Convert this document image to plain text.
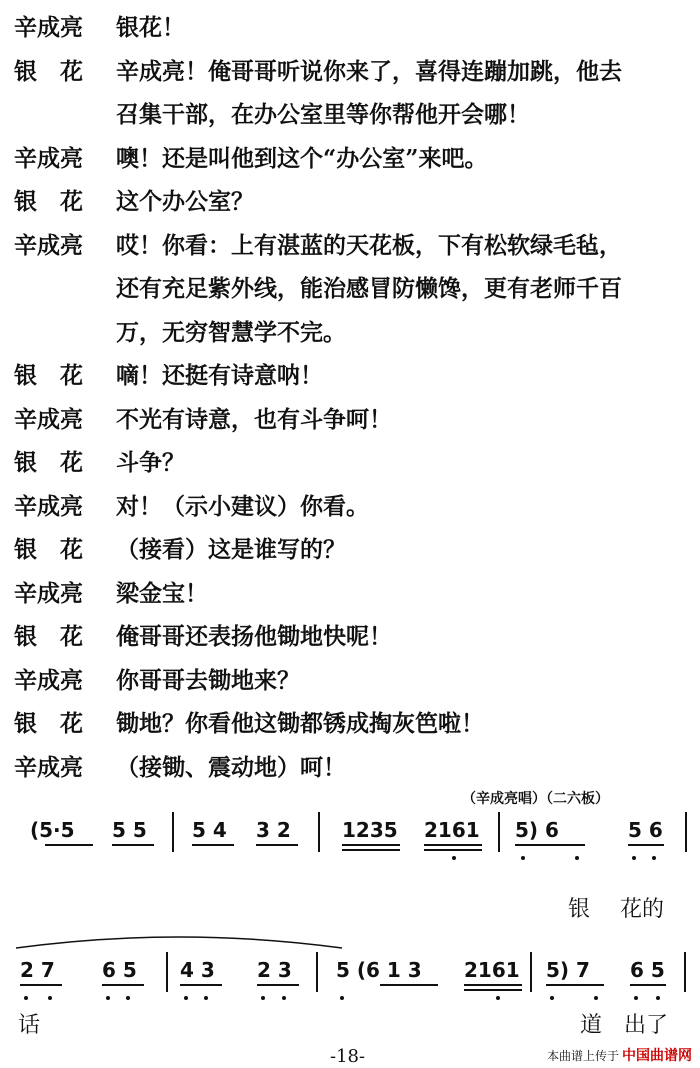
辛成亮	银花！
银　花	辛成亮！俺哥哥听说你来了，喜得连蹦加跳，他去
召集干部，在办公室里等你帮他开会哪！
辛成亮	噢！还是叫他到这个“办公室”来吧。
银　花	这个办公室？
辛成亮	哎！你看：上有湛蓝的天花板，下有松软绿毛毡，
还有充足紫外线，能治感冒防懒馋，更有老师千百
万，无穷智慧学不完。
银　花	嘀！还挺有诗意呐！
辛成亮	不光有诗意，也有斗争呵！
银　花	斗争？
辛成亮	对！（示小建议）你看。
银　花	（接看）这是谁写的？
辛成亮	梁金宝！
银　花	俺哥哥还表扬他锄地快呢！
辛成亮	你哥哥去锄地来？
银　花	锄地？你看他这锄都锈成掏灰笆啦！
辛成亮	（接锄、震动地）呵！
（辛成亮唱）（二六板）
(5·5 5 5 5 4 3 2	1235 2161 5) 6	5 6
银 花的
2 7 6 5 4 3 2 3 5 (6 1 3 2161 5) 7 6 5
话	道 出了
-18-	本曲谱上传于 中国曲谱网
